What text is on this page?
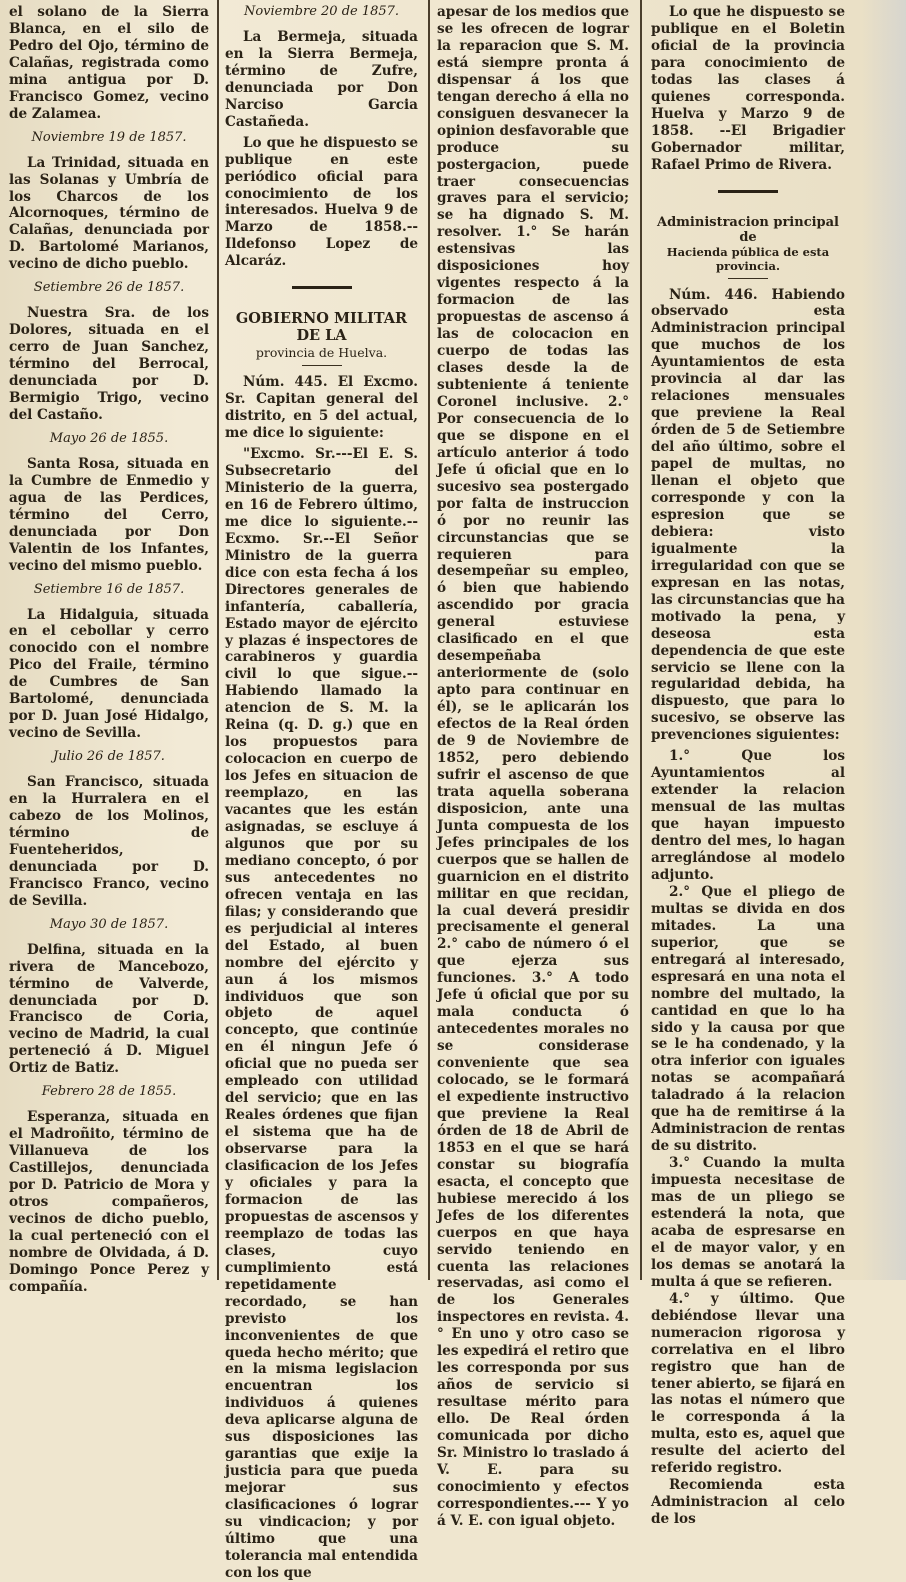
el solano de la Sierra Blanca, en el silo de Pedro del Ojo, término de Calañas, registrada como mina antigua por D. Francisco Gomez, vecino de Zalamea.

Noviembre 19 de 1857.

La Trinidad, situada en las Solanas y Umbría de los Charcos de los Alcornoques, término de Calañas, denunciada por D. Bartolomé Marianos, vecino de dicho pueblo.

Setiembre 26 de 1857.

Nuestra Sra. de los Dolores, situada en el cerro de Juan Sanchez, término del Berrocal, denunciada por D. Bermigio Trigo, vecino del Castaño.

Mayo 26 de 1855.

Santa Rosa, situada en la Cumbre de Enmedio y agua de las Perdices, término del Cerro, denunciada por Don Valentin de los Infantes, vecino del mismo pueblo.

Setiembre 16 de 1857.

La Hidalguia, situada en el cebollar y cerro conocido con el nombre Pico del Fraile, término de Cumbres de San Bartolomé, denunciada por D. Juan José Hidalgo, vecino de Sevilla.

Julio 26 de 1857.

San Francisco, situada en la Hurralera en el cabezo de los Molinos, término de Fuenteheridos, denunciada por D. Francisco Franco, vecino de Sevilla.

Mayo 30 de 1857.

Delfina, situada en la rivera de Mancebozo, término de Valverde, denunciada por D. Francisco de Coria, vecino de Madrid, la cual perteneció á D. Miguel Ortiz de Batiz.

Febrero 28 de 1855.

Esperanza, situada en el Madroñito, término de Villanueva de los Castillejos, denunciada por D. Patricio de Mora y otros compañeros, vecinos de dicho pueblo, la cual perteneció con el nombre de Olvidada, á D. Domingo Ponce Perez y compañía.

Noviembre 20 de 1857.

La Bermeja, situada en la Sierra Bermeja, término de Zufre, denunciada por Don Narciso Garcia Castañeda.

Lo que he dispuesto se publique en este periódico oficial para conocimiento de los interesados. Huelva 9 de Marzo de 1858.--Ildefonso Lopez de Alcaráz.

GOBIERNO MILITAR DE LA

provincia de Huelva.

Núm. 445. El Excmo. Sr. Capitan general del distrito, en 5 del actual, me dice lo siguiente:

"Excmo. Sr.---El E. S. Subsecretario del Ministerio de la guerra, en 16 de Febrero último, me dice lo siguiente.--Ecxmo. Sr.--El Señor Ministro de la guerra dice con esta fecha á los Directores generales de infantería, caballería, Estado mayor de ejército y plazas é inspectores de carabineros y guardia civil lo que sigue.--Habiendo llamado la atencion de S. M. la Reina (q. D. g.) que en los propuestos para colocacion en cuerpo de los Jefes en situacion de reemplazo, en las vacantes que les están asignadas, se escluye á algunos que por su mediano concepto, ó por sus antecedentes no ofrecen ventaja en las filas; y considerando que es perjudicial al interes del Estado, al buen nombre del ejército y aun á los mismos individuos que son objeto de aquel concepto, que continúe en él ningun Jefe ó oficial que no pueda ser empleado con utilidad del servicio; que en las Reales órdenes que fijan el sistema que ha de observarse para la clasificacion de los Jefes y oficiales y para la formacion de las propuestas de ascensos y reemplazo de todas las clases, cuyo cumplimiento está repetidamente recordado, se han previsto los inconvenientes de que queda hecho mérito; que en la misma legislacion encuentran los individuos á quienes deva aplicarse alguna de sus disposiciones las garantias que exije la justicia para que pueda mejorar sus clasificaciones ó lograr su vindicacion; y por último que una tolerancia mal entendida con los que

apesar de los medios que se les ofrecen de lograr la reparacion que S. M. está siempre pronta á dispensar á los que tengan derecho á ella no consiguen desvanecer la opinion desfavorable que produce su postergacion, puede traer consecuencias graves para el servicio; se ha dignado S. M. resolver. 1.° Se harán estensivas las disposiciones hoy vigentes respecto á la formacion de las propuestas de ascenso á las de colocacion en cuerpo de todas las clases desde la de subteniente á teniente Coronel inclusive. 2.° Por consecuencia de lo que se dispone en el artículo anterior á todo Jefe ú oficial que en lo sucesivo sea postergado por falta de instruccion ó por no reunir las circunstancias que se requieren para desempeñar su empleo, ó bien que habiendo ascendido por gracia general estuviese clasificado en el que desempeñaba anteriormente de (solo apto para continuar en él), se le aplicarán los efectos de la Real órden de 9 de Noviembre de 1852, pero debiendo sufrir el ascenso de que trata aquella soberana disposicion, ante una Junta compuesta de los Jefes principales de los cuerpos que se hallen de guarnicion en el distrito militar en que recidan, la cual deverá presidir precisamente el general 2.° cabo de número ó el que ejerza sus funciones. 3.° A todo Jefe ú oficial que por su mala conducta ó antecedentes morales no se considerase conveniente que sea colocado, se le formará el expediente instructivo que previene la Real órden de 18 de Abril de 1853 en el que se hará constar su biografía esacta, el concepto que hubiese merecido á los Jefes de los diferentes cuerpos en que haya servido teniendo en cuenta las relaciones reservadas, asi como el de los Generales inspectores en revista. 4.° En uno y otro caso se les expedirá el retiro que les corresponda por sus años de servicio si resultase mérito para ello. De Real órden comunicada por dicho Sr. Ministro lo traslado á V. E. para su conocimiento y efectos correspondientes.--- Y yo á V. E. con igual objeto.

Lo que he dispuesto se publique en el Boletin oficial de la provincia para conocimiento de todas las clases á quienes corresponda. Huelva y Marzo 9 de 1858. --El Brigadier Gobernador militar, Rafael Primo de Rivera.

Administracion principal de

Hacienda pública de esta provincia.

Núm. 446. Habiendo observado esta Administracion principal que muchos de los Ayuntamientos de esta provincia al dar las relaciones mensuales que previene la Real órden de 5 de Setiembre del año último, sobre el papel de multas, no llenan el objeto que corresponde y con la espresion que se debiera: visto igualmente la irregularidad con que se expresan en las notas, las circunstancias que ha motivado la pena, y deseosa esta dependencia de que este servicio se llene con la regularidad debida, ha dispuesto, que para lo sucesivo, se observe las prevenciones siguientes:

1.° Que los Ayuntamientos al extender la relacion mensual de las multas que hayan impuesto dentro del mes, lo hagan arreglándose al modelo adjunto.

2.° Que el pliego de multas se divida en dos mitades. La una superior, que se entregará al interesado, espresará en una nota el nombre del multado, la cantidad en que lo ha sido y la causa por que se le ha condenado, y la otra inferior con iguales notas se acompañará taladrado á la relacion que ha de remitirse á la Administracion de rentas de su distrito.

3.° Cuando la multa impuesta necesitase de mas de un pliego se estenderá la nota, que acaba de espresarse en el de mayor valor, y en los demas se anotará la multa á que se refieren.

4.° y último. Que debiéndose llevar una numeracion rigorosa y correlativa en el libro registro que han de tener abierto, se fijará en las notas el número que le corresponda á la multa, esto es, aquel que resulte del acierto del referido registro.

Recomienda esta Administracion al celo de los
